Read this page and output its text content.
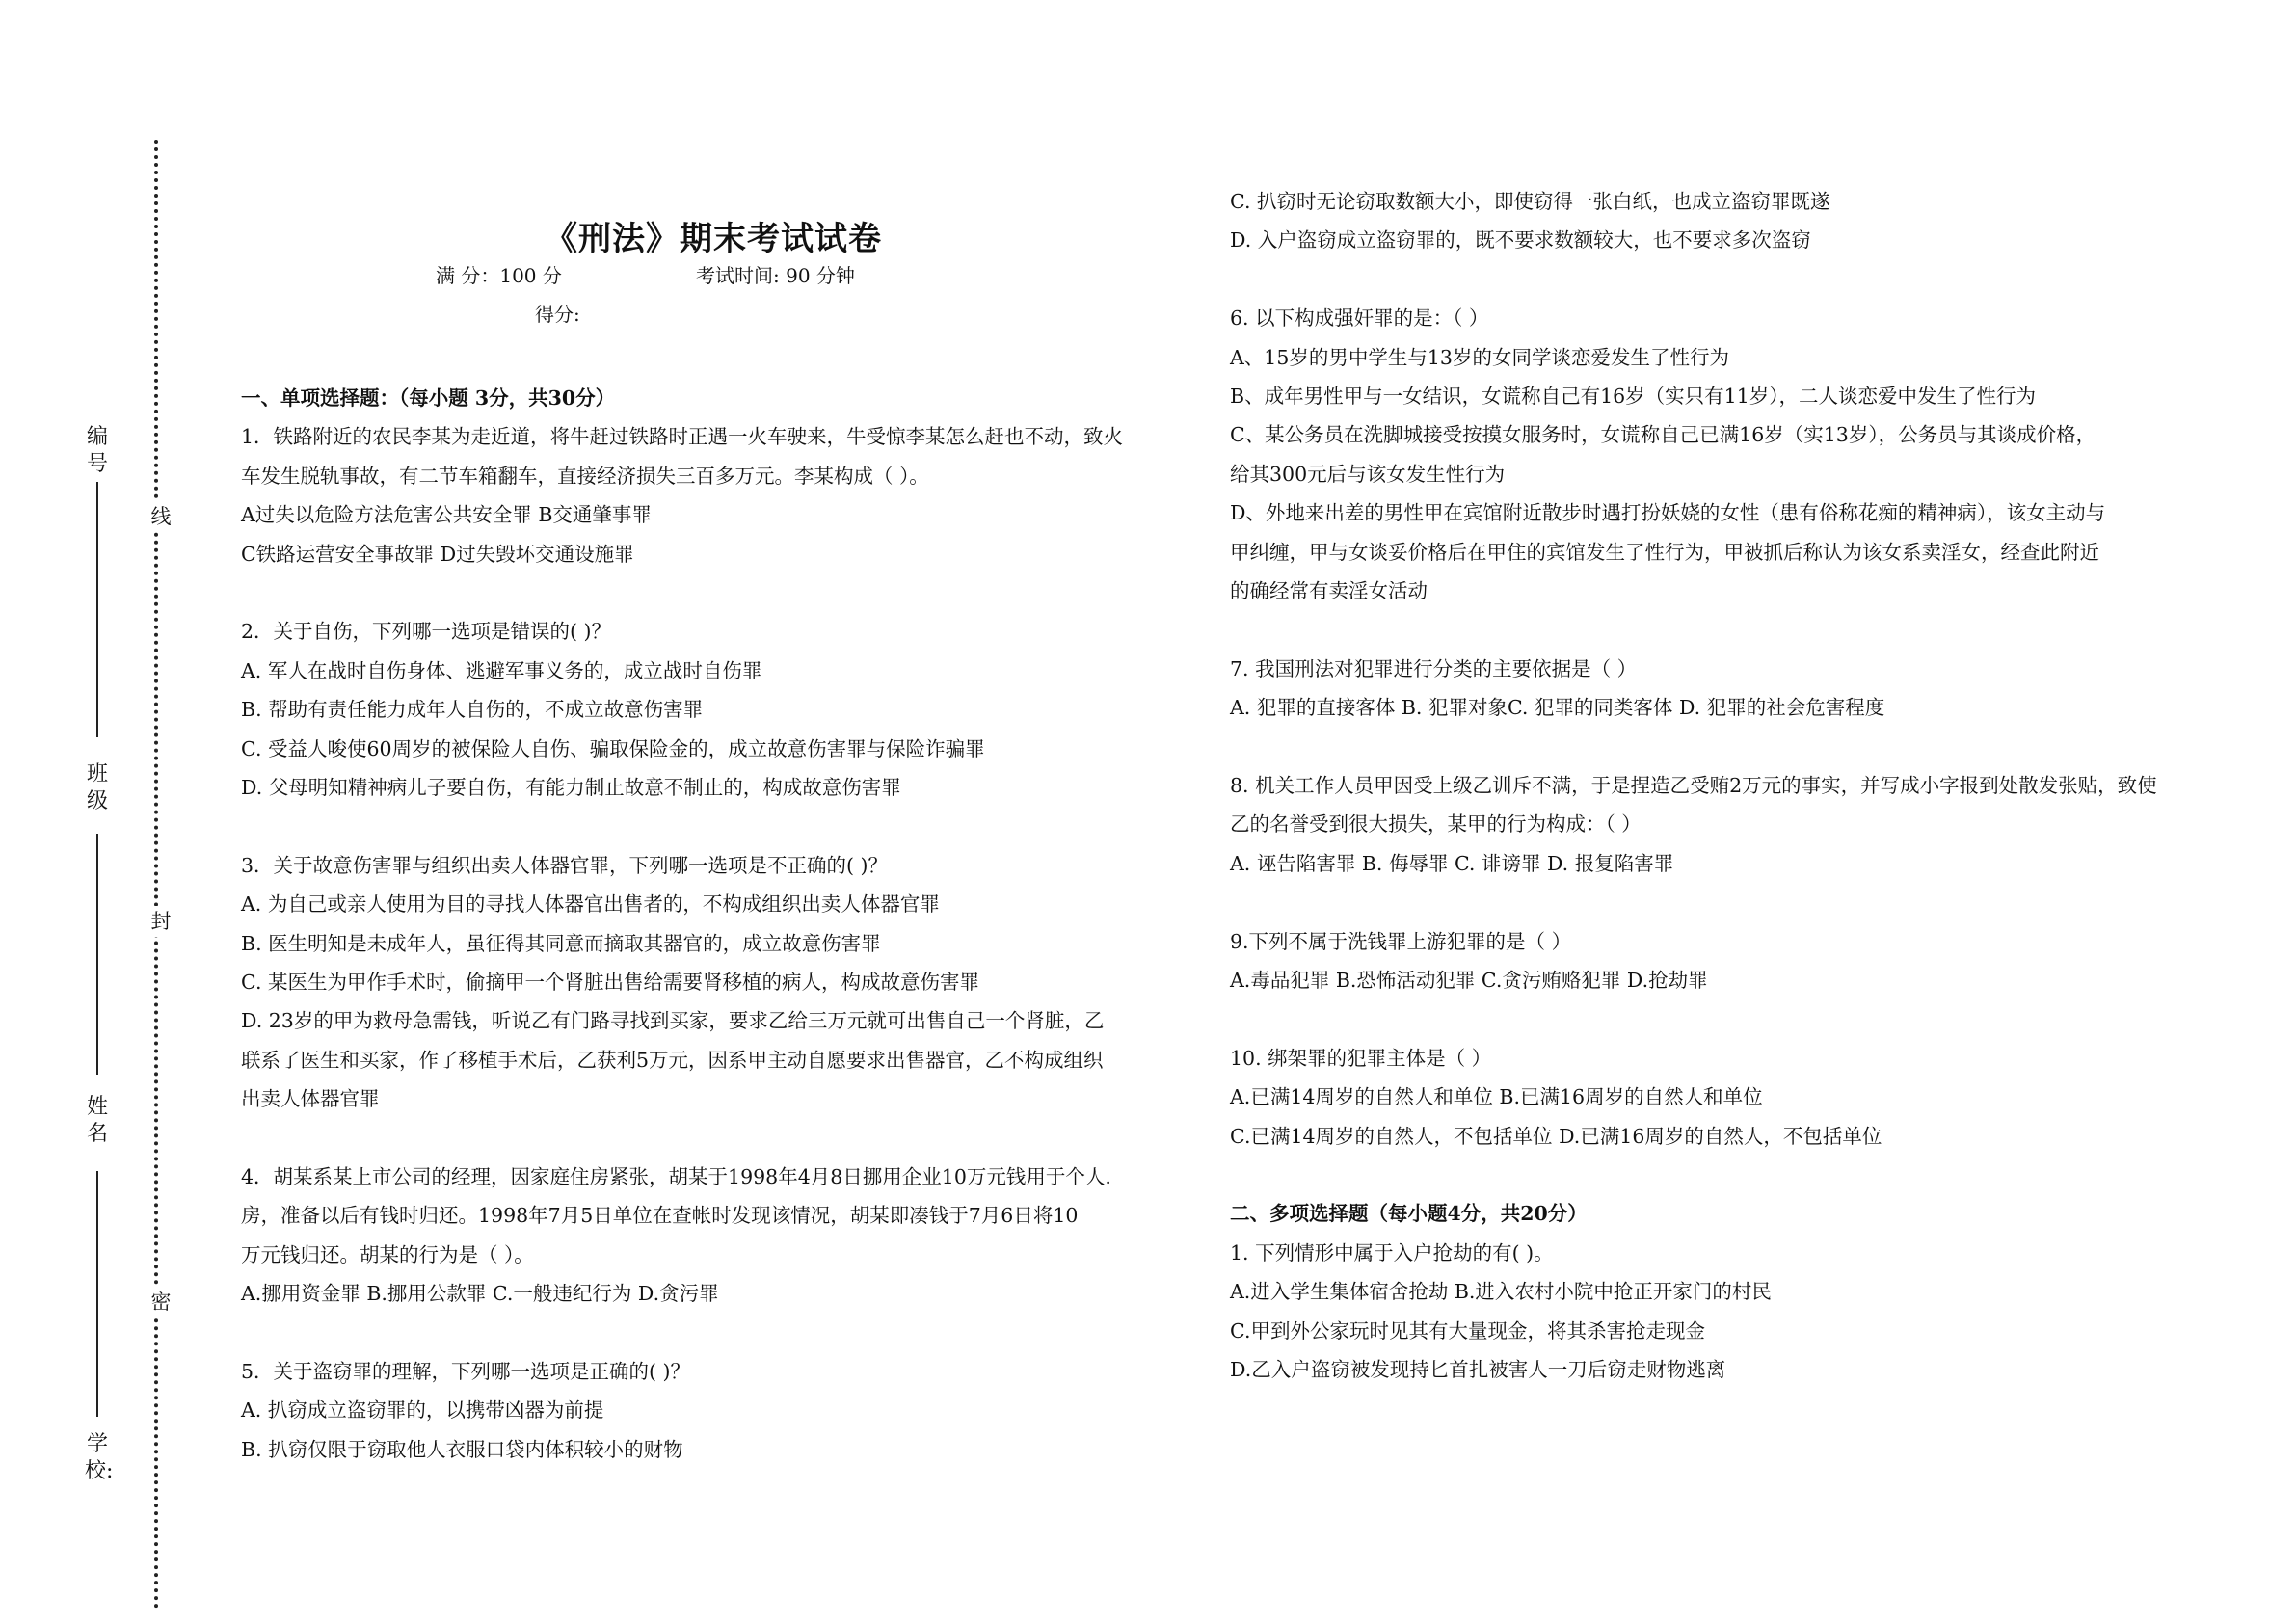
编号
班级
姓名
学校:
线
封
密
《刑法》期末考试试卷
满 分：100 分	考试时间: 90 分钟
得分:
一、单项选择题：（每小题 3分，共30分）
1．铁路附近的农民李某为走近道，将牛赶过铁路时正遇一火车驶来，牛受惊李某怎么赶也不动，致火
车发生脱轨事故，有二节车箱翻车，直接经济损失三百多万元。李某构成（ ）。
A过失以危险方法危害公共安全罪 B交通肇事罪
C铁路运营安全事故罪 D过失毁坏交通设施罪
2．关于自伤，下列哪一选项是错误的( )？
A. 军人在战时自伤身体、逃避军事义务的，成立战时自伤罪
B. 帮助有责任能力成年人自伤的，不成立故意伤害罪
C. 受益人唆使60周岁的被保险人自伤、骗取保险金的，成立故意伤害罪与保险诈骗罪
D. 父母明知精神病儿子要自伤，有能力制止故意不制止的，构成故意伤害罪
3．关于故意伤害罪与组织出卖人体器官罪，下列哪一选项是不正确的( )？
A. 为自己或亲人使用为目的寻找人体器官出售者的，不构成组织出卖人体器官罪
B. 医生明知是未成年人，虽征得其同意而摘取其器官的，成立故意伤害罪
C. 某医生为甲作手术时，偷摘甲一个肾脏出售给需要肾移植的病人，构成故意伤害罪
D. 23岁的甲为救母急需钱，听说乙有门路寻找到买家，要求乙给三万元就可出售自己一个肾脏，乙
联系了医生和买家，作了移植手术后，乙获利5万元，因系甲主动自愿要求出售器官，乙不构成组织
出卖人体器官罪
4．胡某系某上市公司的经理，因家庭住房紧张，胡某于1998年4月8日挪用企业10万元钱用于个人.
房，准备以后有钱时归还。1998年7月5日单位在查帐时发现该情况，胡某即凑钱于7月6日将10
万元钱归还。胡某的行为是（ ）。
A.挪用资金罪 B.挪用公款罪 C.一般违纪行为 D.贪污罪
5．关于盗窃罪的理解，下列哪一选项是正确的( )？
A. 扒窃成立盗窃罪的，以携带凶器为前提
B. 扒窃仅限于窃取他人衣服口袋内体积较小的财物
C. 扒窃时无论窃取数额大小，即使窃得一张白纸，也成立盗窃罪既遂
D. 入户盗窃成立盗窃罪的，既不要求数额较大，也不要求多次盗窃
6. 以下构成强奸罪的是：（ ）
A、15岁的男中学生与13岁的女同学谈恋爱发生了性行为
B、成年男性甲与一女结识，女谎称自己有16岁（实只有11岁），二人谈恋爱中发生了性行为
C、某公务员在洗脚城接受按摸女服务时，女谎称自己已满16岁（实13岁），公务员与其谈成价格，
给其300元后与该女发生性行为
D、外地来出差的男性甲在宾馆附近散步时遇打扮妖娆的女性（患有俗称花痴的精神病），该女主动与
甲纠缠，甲与女谈妥价格后在甲住的宾馆发生了性行为，甲被抓后称认为该女系卖淫女，经查此附近
的确经常有卖淫女活动
7. 我国刑法对犯罪进行分类的主要依据是（ ）
A. 犯罪的直接客体 B. 犯罪对象C. 犯罪的同类客体 D. 犯罪的社会危害程度
8. 机关工作人员甲因受上级乙训斥不满，于是捏造乙受贿2万元的事实，并写成小字报到处散发张贴，致使
乙的名誉受到很大损失，某甲的行为构成：（ ）
A. 诬告陷害罪 B. 侮辱罪 C. 诽谤罪 D. 报复陷害罪
9.下列不属于洗钱罪上游犯罪的是（ ）
A.毒品犯罪 B.恐怖活动犯罪 C.贪污贿赂犯罪 D.抢劫罪
10. 绑架罪的犯罪主体是（ ）
A.已满14周岁的自然人和单位 B.已满16周岁的自然人和单位
C.已满14周岁的自然人，不包括单位 D.已满16周岁的自然人，不包括单位
二、多项选择题（每小题4分，共20分）
1. 下列情形中属于入户抢劫的有( )。
A.进入学生集体宿舍抢劫 B.进入农村小院中抢正开家门的村民
C.甲到外公家玩时见其有大量现金，将其杀害抢走现金
D.乙入户盗窃被发现持匕首扎被害人一刀后窃走财物逃离
